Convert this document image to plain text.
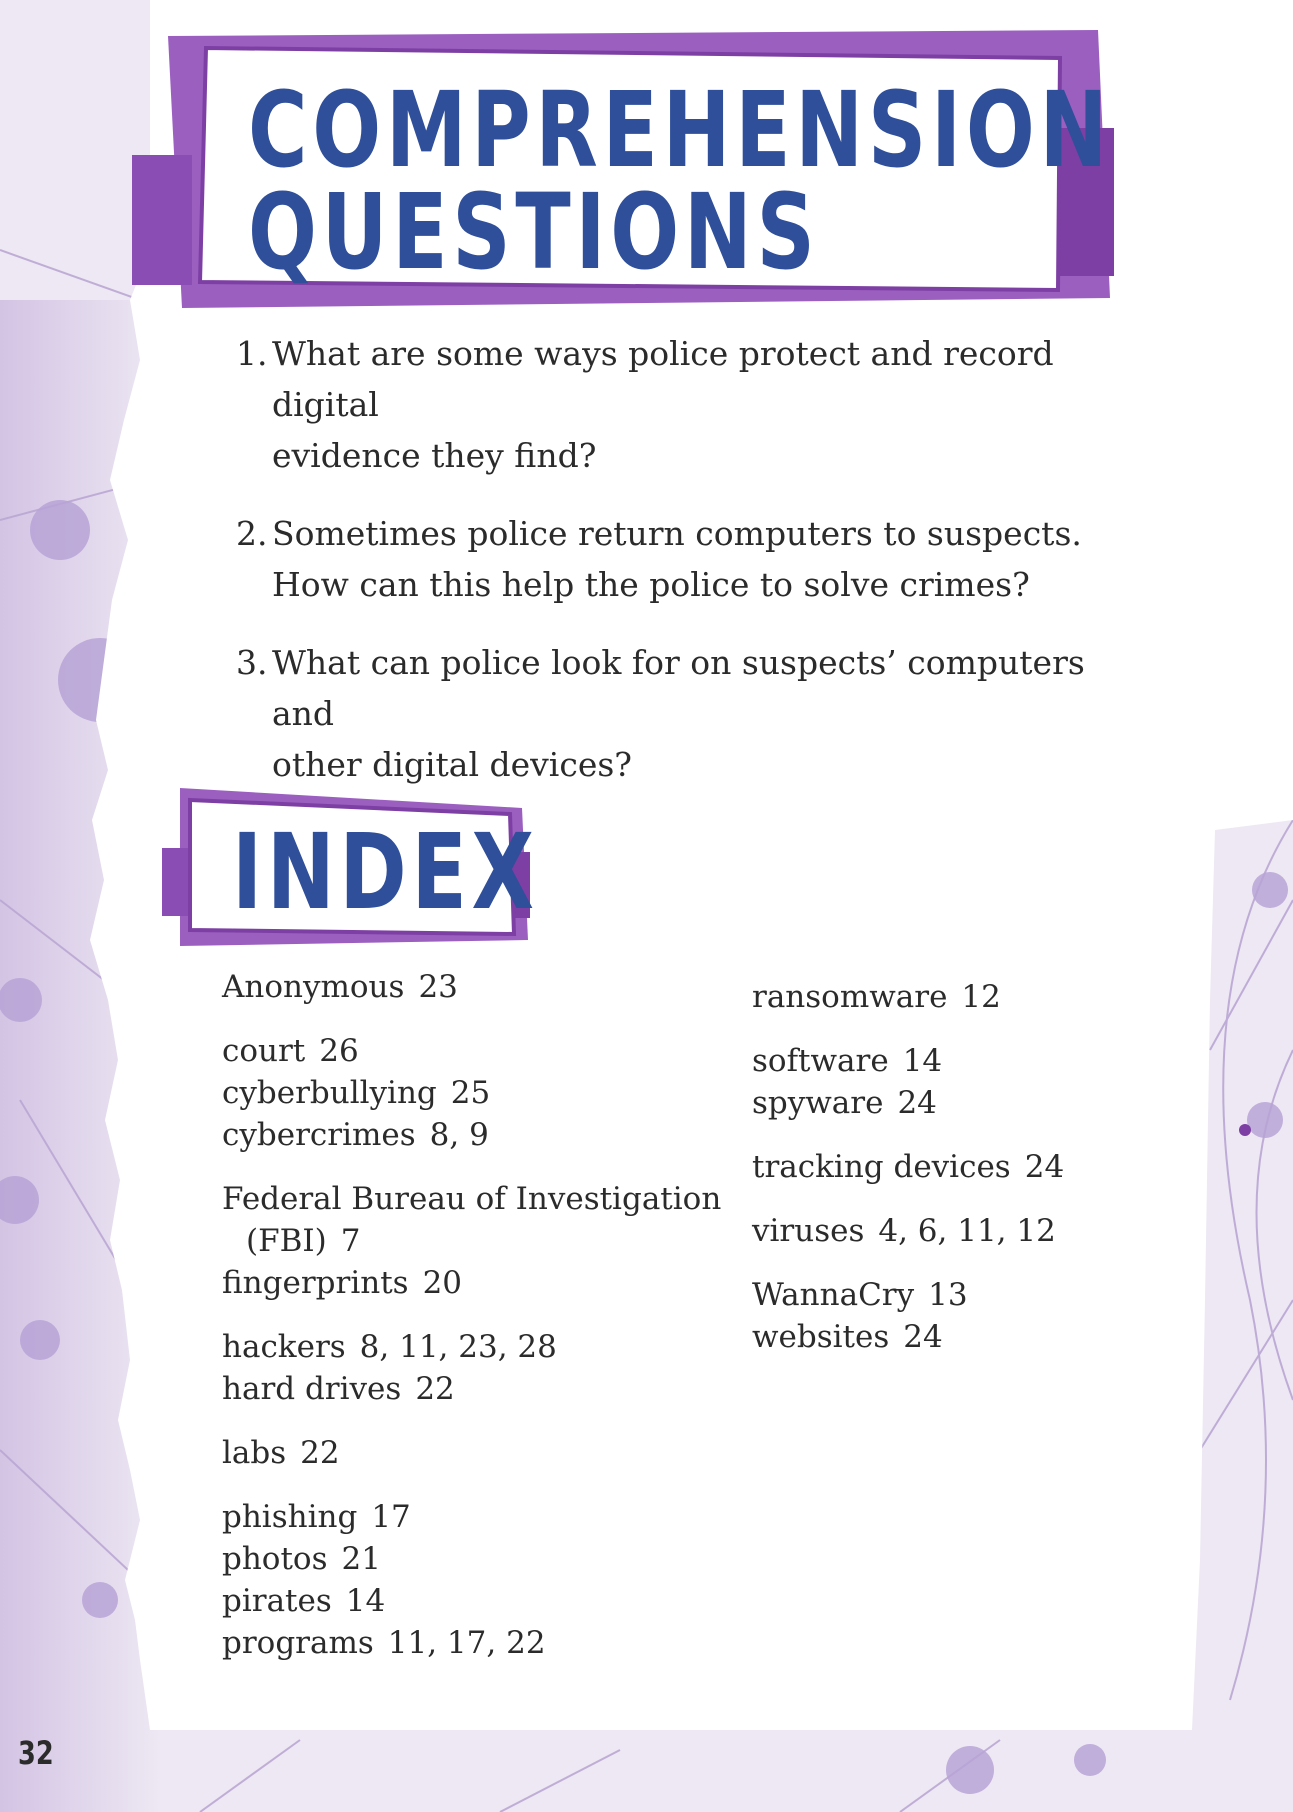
COMPREHENSION
QUESTIONS
1. What are some ways police protect and record digital
evidence they find?
2. Sometimes police return computers to suspects.
How can this help the police to solve crimes?
3. What can police look for on suspects’ computers and
other digital devices?
INDEX
Anonymous 23
court 26
cyberbullying 25
cybercrimes 8, 9
Federal Bureau of Investigation
(FBI) 7
fingerprints 20
hackers 8, 11, 23, 28
hard drives 22
labs 22
phishing 17
photos 21
pirates 14
programs 11, 17, 22
ransomware 12
software 14
spyware 24
tracking devices 24
viruses 4, 6, 11, 12
WannaCry 13
websites 24
32
